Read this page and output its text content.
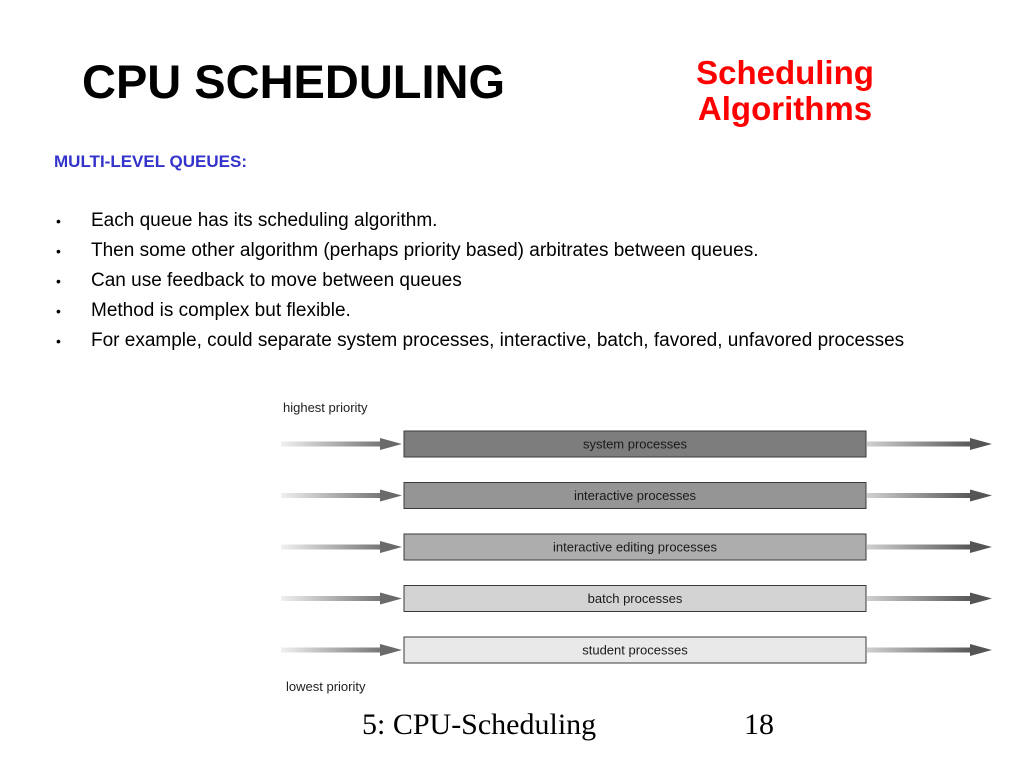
CPU SCHEDULING	Scheduling
Algorithms
MULTI-LEVEL QUEUES:
• Each queue has its scheduling algorithm.
• Then some other algorithm (perhaps priority based) arbitrates between queues.
• Can use feedback to move between queues
• Method is complex but flexible.
• For example, could separate system processes, interactive, batch, favored, unfavored processes
highest priority
system processes
interactive processes
interactive editing processes
batch processes
student processes
lowest priority
5: CPU-Scheduling	18
